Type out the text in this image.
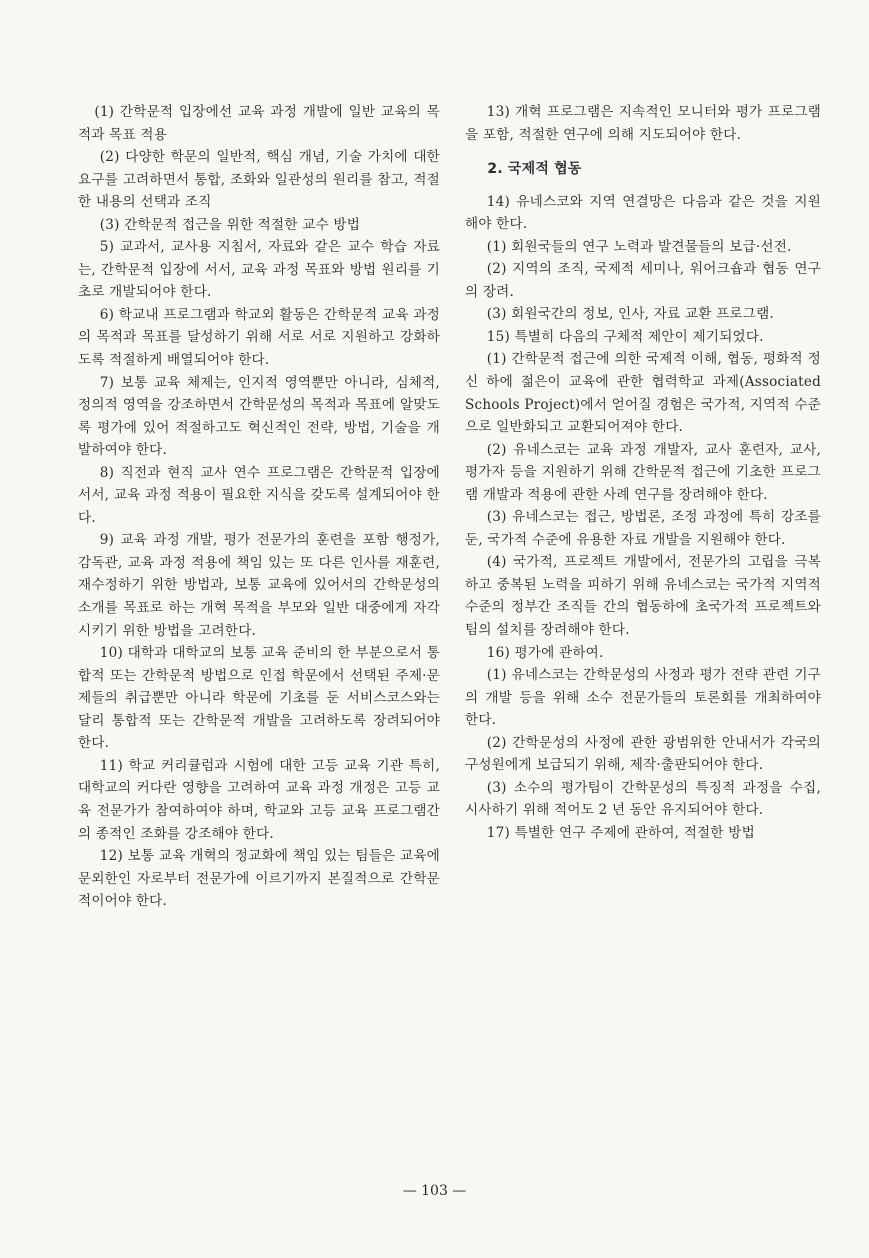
(1) 간학문적 입장에선 교육 과정 개발에 일반 교육의 목적과 목표 적용

(2) 다양한 학문의 일반적, 핵심 개념, 기술 가치에 대한 요구를 고려하면서 통합, 조화와 일관성의 원리를 참고, 적절한 내용의 선택과 조직

(3) 간학문적 접근을 위한 적절한 교수 방법

5) 교과서, 교사용 지침서, 자료와 같은 교수 학습 자료는, 간학문적 입장에 서서, 교육 과정 목표와 방법 원리를 기초로 개발되어야 한다.

6) 학교내 프로그램과 학교외 활동은 간학문적 교육 과정의 목적과 목표를 달성하기 위해 서로 서로 지원하고 강화하도록 적절하게 배열되어야 한다.

7) 보통 교육 체제는, 인지적 영역뿐만 아니라, 심체적, 정의적 영역을 강조하면서 간학문성의 목적과 목표에 알맞도록 평가에 있어 적절하고도 혁신적인 전략, 방법, 기술을 개발하여야 한다.

8) 직전과 현직 교사 연수 프로그램은 간학문적 입장에 서서, 교육 과정 적용이 필요한 지식을 갖도록 설계되어야 한다.

9) 교육 과정 개발, 평가 전문가의 훈련을 포함 행정가, 감독관, 교육 과정 적용에 책임 있는 또 다른 인사를 재훈련, 재수정하기 위한 방법과, 보통 교육에 있어서의 간학문성의 소개를 목표로 하는 개혁 목적을 부모와 일반 대중에게 자각시키기 위한 방법을 고려한다.

10) 대학과 대학교의 보통 교육 준비의 한 부분으로서 통합적 또는 간학문적 방법으로 인접 학문에서 선택된 주제·문제들의 취급뿐만 아니라 학문에 기초를 둔 서비스코스와는 달리 통합적 또는 간학문적 개발을 고려하도록 장려되어야 한다.

11) 학교 커리큘럼과 시험에 대한 고등 교육 기관 특히, 대학교의 커다란 영향을 고려하여 교육 과정 개정은 고등 교육 전문가가 참여하여야 하며, 학교와 고등 교육 프로그램간의 종적인 조화를 강조해야 한다.

12) 보통 교육 개혁의 정교화에 책임 있는 팀들은 교육에 문외한인 자로부터 전문가에 이르기까지 본질적으로 간학문적이어야 한다.

13) 개혁 프로그램은 지속적인 모니터와 평가 프로그램을 포함, 적절한 연구에 의해 지도되어야 한다.

2. 국제적 협동

14) 유네스코와 지역 연결망은 다음과 같은 것을 지원해야 한다.

(1) 회원국들의 연구 노력과 발견물들의 보급·선전.

(2) 지역의 조직, 국제적 세미나, 워어크숍과 협동 연구의 장려.

(3) 회원국간의 정보, 인사, 자료 교환 프로그램.

15) 특별히 다음의 구체적 제안이 제기되었다.

(1) 간학문적 접근에 의한 국제적 이해, 협동, 평화적 정신 하에 젊은이 교육에 관한 협력학교 과제(Associated Schools Project)에서 얻어질 경험은 국가적, 지역적 수준으로 일반화되고 교환되어져야 한다.

(2) 유네스코는 교육 과정 개발자, 교사 훈련자, 교사, 평가자 등을 지원하기 위해 간학문적 접근에 기초한 프로그램 개발과 적용에 관한 사례 연구를 장려해야 한다.

(3) 유네스코는 접근, 방법론, 조정 과정에 특히 강조를 둔, 국가적 수준에 유용한 자료 개발을 지원해야 한다.

(4) 국가적, 프로젝트 개발에서, 전문가의 고립을 극복하고 중복된 노력을 피하기 위해 유네스코는 국가적 지역적 수준의 정부간 조직들 간의 협동하에 초국가적 프로젝트와 팀의 설치를 장려해야 한다.

16) 평가에 관하여.

(1) 유네스코는 간학문성의 사정과 평가 전략 관련 기구의 개발 등을 위해 소수 전문가들의 토론회를 개최하여야 한다.

(2) 간학문성의 사정에 관한 광범위한 안내서가 각국의 구성원에게 보급되기 위해, 제작·출판되어야 한다.

(3) 소수의 평가팀이 간학문성의 특징적 과정을 수집, 시사하기 위해 적어도 2 년 동안 유지되어야 한다.

17) 특별한 연구 주제에 관하여, 적절한 방법

— 103 —
